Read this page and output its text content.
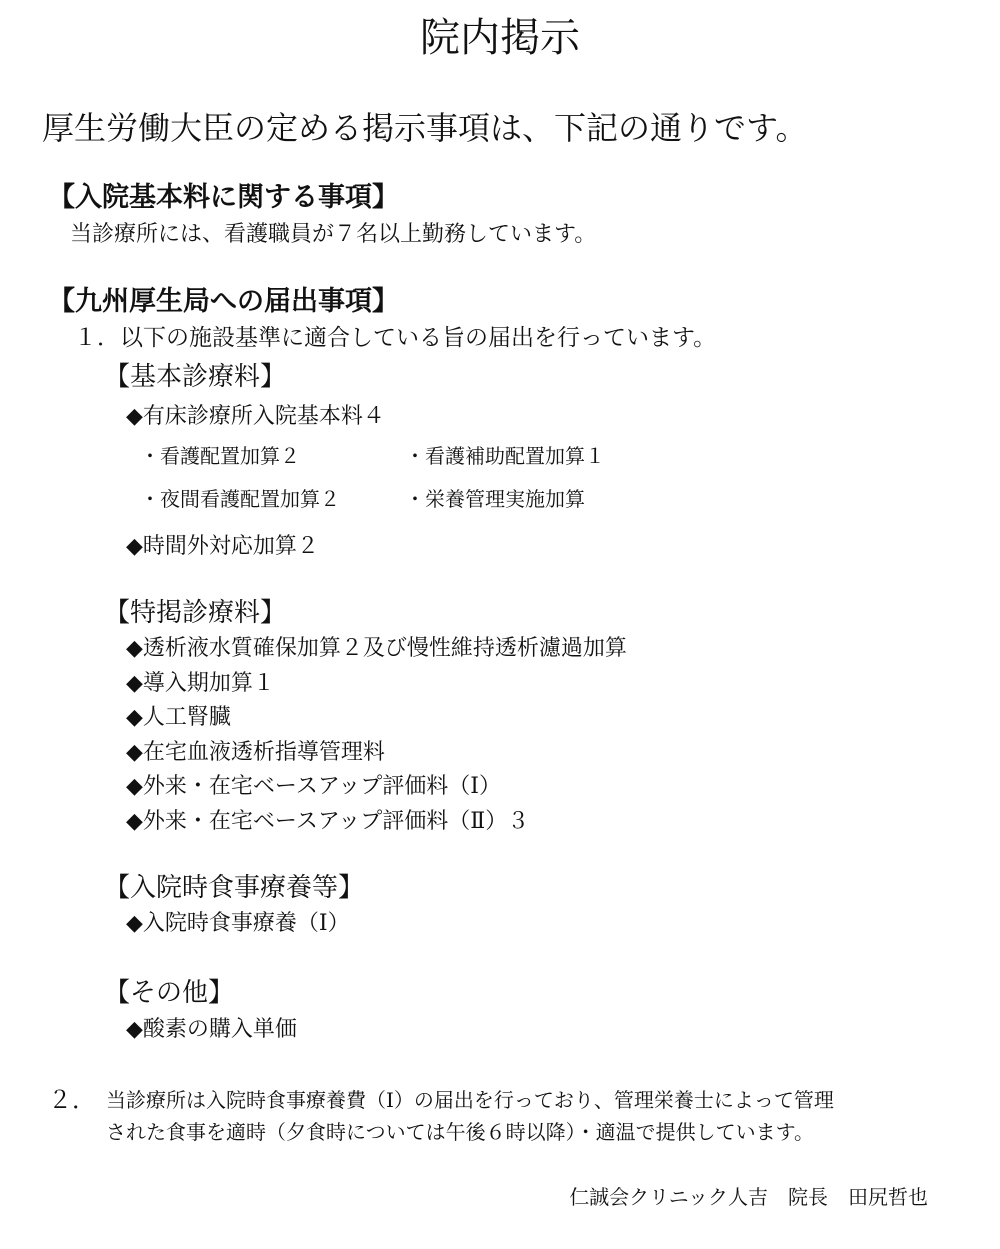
院内掲示
厚生労働大臣の定める掲示事項は、下記の通りです。
【入院基本料に関する事項】
当診療所には、看護職員が７名以上勤務しています。
【九州厚生局への届出事項】
１．以下の施設基準に適合している旨の届出を行っています。
【基本診療料】
◆有床診療所入院基本料４
・看護配置加算２	・看護補助配置加算１
・夜間看護配置加算２	・栄養管理実施加算
◆時間外対応加算２
【特掲診療料】
◆透析液水質確保加算２及び慢性維持透析濾過加算
◆導入期加算１
◆人工腎臓
◆在宅血液透析指導管理料
◆外来・在宅ベースアップ評価料（Ⅰ）
◆外来・在宅ベースアップ評価料（Ⅱ）３
【入院時食事療養等】
◆入院時食事療養（Ⅰ）
【その他】
◆酸素の購入単価
２． 当診療所は入院時食事療養費（Ⅰ）の届出を行っており、管理栄養士によって管理
された食事を適時（夕食時については午後６時以降）・適温で提供しています。
仁誠会クリニック人吉　院長　田尻哲也
